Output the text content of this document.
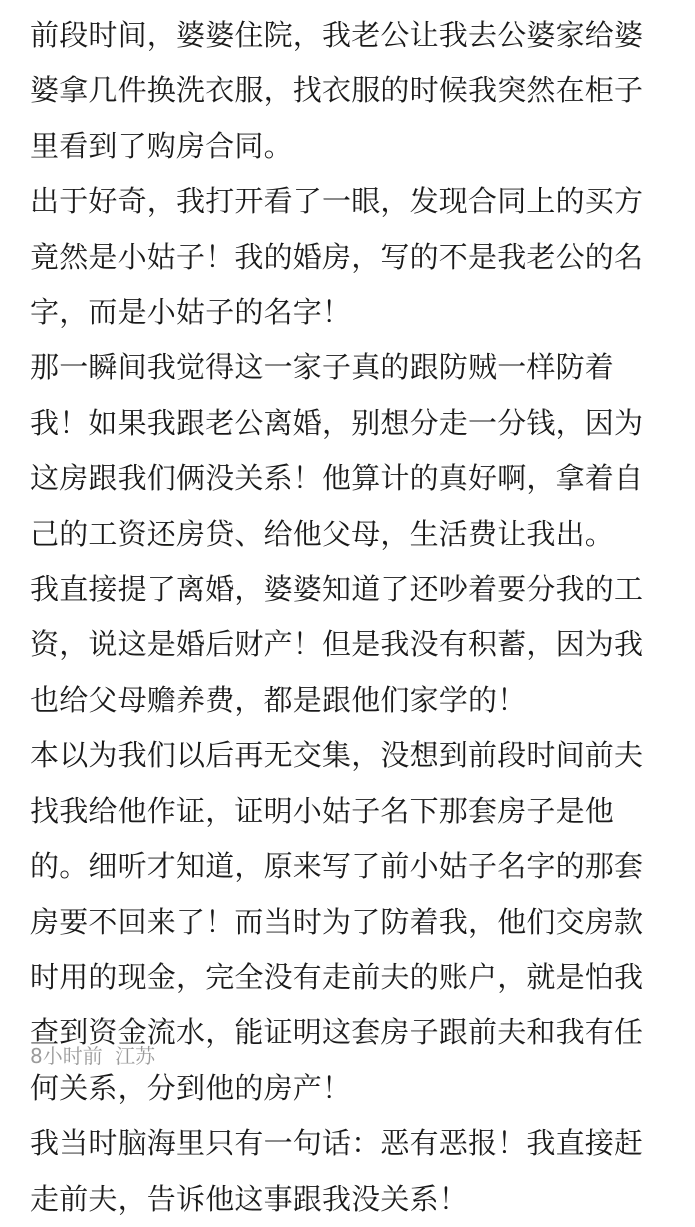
前段时间，婆婆住院，我老公让我去公婆家给婆

婆拿几件换洗衣服，找衣服的时候我突然在柜子

里看到了购房合同。

出于好奇，我打开看了一眼，发现合同上的买方

竟然是小姑子！我的婚房，写的不是我老公的名

字，而是小姑子的名字！

那一瞬间我觉得这一家子真的跟防贼一样防着

我！如果我跟老公离婚，别想分走一分钱，因为

这房跟我们俩没关系！他算计的真好啊，拿着自

己的工资还房贷、给他父母，生活费让我出。

我直接提了离婚，婆婆知道了还吵着要分我的工

资，说这是婚后财产！但是我没有积蓄，因为我

也给父母赡养费，都是跟他们家学的！

本以为我们以后再无交集，没想到前段时间前夫

找我给他作证，证明小姑子名下那套房子是他

的。细听才知道，原来写了前小姑子名字的那套

房要不回来了！而当时为了防着我，他们交房款

时用的现金，完全没有走前夫的账户，就是怕我

查到资金流水，能证明这套房子跟前夫和我有任

何关系，分到他的房产！

我当时脑海里只有一句话：恶有恶报！我直接赶

走前夫，告诉他这事跟我没关系！

8小时前 江苏
